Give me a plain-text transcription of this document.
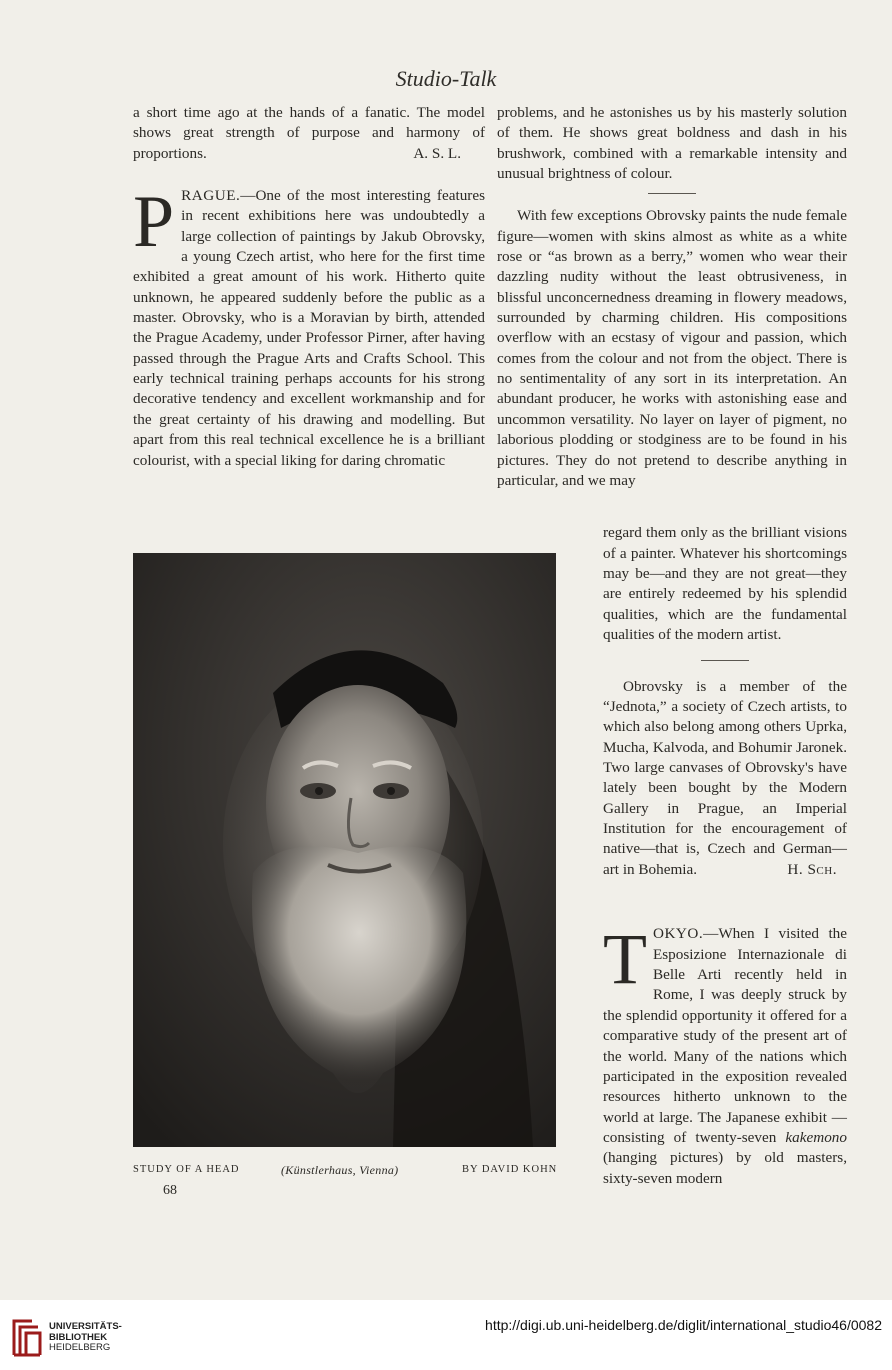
Studio-Talk

a short time ago at the hands of a fanatic. The model shows great strength of purpose and harmony of proportions.	A. S. L.

PRAGUE.—One of the most interesting features in recent exhibitions here was undoubtedly a large collection of paintings by Jakub Obrovsky, a young Czech artist, who here for the first time exhibited a great amount of his work. Hitherto quite unknown, he appeared suddenly before the public as a master. Obrovsky, who is a Moravian by birth, attended the Prague Academy, under Professor Pirner, after having passed through the Prague Arts and Crafts School. This early technical training perhaps accounts for his strong decorative tendency and excellent workmanship and for the great certainty of his drawing and modelling. But apart from this real technical excellence he is a brilliant colourist, with a special liking for daring chromatic

problems, and he astonishes us by his masterly solution of them. He shows great boldness and dash in his brushwork, combined with a remarkable intensity and unusual brightness of colour.

With few exceptions Obrovsky paints the nude female figure—women with skins almost as white as a white rose or “as brown as a berry,” women who wear their dazzling nudity without the least obtrusiveness, in blissful unconcernedness dreaming in flowery meadows, surrounded by charming children. His compositions overflow with an ecstasy of vigour and passion, which comes from the colour and not from the object. There is no sentimentality of any sort in its interpretation. An abundant producer, he works with astonishing ease and uncommon versatility. No layer on layer of pigment, no laborious plodding or stodginess are to be found in his pictures. They do not pretend to describe anything in particular, and we may

regard them only as the brilliant visions of a painter. Whatever his shortcomings may be—and they are not great—they are entirely redeemed by his splendid qualities, which are the fundamental qualities of the modern artist.

Obrovsky is a member of the “Jednota,” a society of Czech artists, to which also belong among others Uprka, Mucha, Kalvoda, and Bohumir Jaronek. Two large canvases of Obrovsky's have lately been bought by the Modern Gallery in Prague, an Imperial Institution for the encouragement of native—that is, Czech and German—art in Bohemia.	H. Sch.

TOKYO.—When I visited the Esposizione Internazionale di Belle Arti recently held in Rome, I was deeply struck by the splendid opportunity it offered for a comparative study of the present art of the world. Many of the nations which participated in the exposition revealed resources hitherto unknown to the world at large. The Japanese exhibit —consisting of twenty-seven kakemono (hanging pictures) by old masters, sixty-seven modern

STUDY OF A HEAD	(Künstlerhaus, Vienna)	BY DAVID KOHN
68
UNIVERSITÄTS-
BIBLIOTHEK
HEIDELBERG
http://digi.ub.uni-heidelberg.de/diglit/international_studio46/0082
